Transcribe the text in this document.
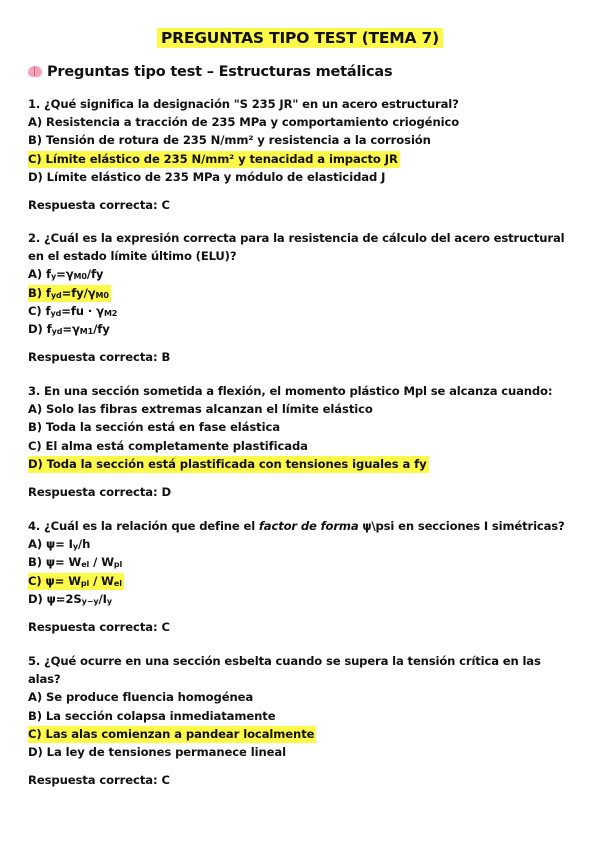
PREGUNTAS TIPO TEST (TEMA 7)
Preguntas tipo test – Estructuras metálicas
1. ¿Qué significa la designación "S 235 JR" en un acero estructural?
A) Resistencia a tracción de 235 MPa y comportamiento criogénico
B) Tensión de rotura de 235 N/mm² y resistencia a la corrosión
C) Límite elástico de 235 N/mm² y tenacidad a impacto JR
D) Límite elástico de 235 MPa y módulo de elasticidad J
Respuesta correcta: C
2. ¿Cuál es la expresión correcta para la resistencia de cálculo del acero estructural en el estado límite último (ELU)?
A) $f_y=\gamma_{M0}/fy$
B) $f_{yd}=fy/\gamma_{M0}$
C) $f_{yd}=fu \cdot \gamma_{M2}$
D) $f_{yd}=\gamma_{M1}/fy$
Respuesta correcta: B
3. En una sección sometida a flexión, el momento plástico Mpl se alcanza cuando:
A) Solo las fibras extremas alcanzan el límite elástico
B) Toda la sección está en fase elástica
C) El alma está completamente plastificada
D) Toda la sección está plastificada con tensiones iguales a fy
Respuesta correcta: D
4. ¿Cuál es la relación que define el factor de forma ψ\psi en secciones I simétricas?
A) $\psi= I_y/h$
B) $\psi= W_{el} / W_{pl}$
C) $\psi= W_{pl} / W_{el}$
D) $\psi=2S_{y-y}/I_y$
Respuesta correcta: C
5. ¿Qué ocurre en una sección esbelta cuando se supera la tensión crítica en las alas?
A) Se produce fluencia homogénea
B) La sección colapsa inmediatamente
C) Las alas comienzan a pandear localmente
D) La ley de tensiones permanece lineal
Respuesta correcta: C
